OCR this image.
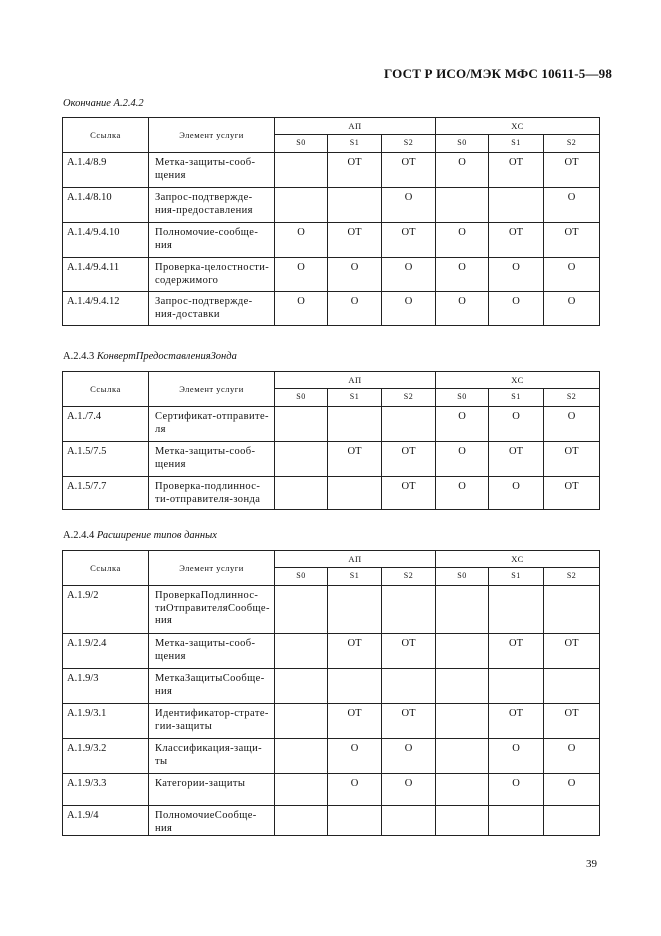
ГОСТ Р ИСО/МЭК МФС 10611-5—98
39
Окончание А.2.4.2
Ссылка	Элемент услуги	АП			ХС		
		S0	S1	S2	S0	S1	S2
А.1.4/8.9	Метка-защиты-сооб-
щения		ОТ	ОТ	О	ОТ	ОТ
А.1.4/8.10	Запрос-подтвержде-
ния-предоставления			О			О
А.1.4/9.4.10	Полномочие-сообще-
ния	О	ОТ	ОТ	О	ОТ	ОТ
А.1.4/9.4.11	Проверка-целостности-
содержимого	О	О	О	О	О	О
А.1.4/9.4.12	Запрос-подтвержде-
ния-доставки	О	О	О	О	О	О
А.2.4.3 КонвертПредоставленияЗонда
Ссылка	Элемент услуги	АП			ХС		
		S0	S1	S2	S0	S1	S2
А.1./7.4	Сертификат-отправите-
ля				О	О	О
А.1.5/7.5	Метка-защиты-сооб-
щения		ОТ	ОТ	О	ОТ	ОТ
А.1.5/7.7	Проверка-подлиннос-
ти-отправителя-зонда			ОТ	О	О	ОТ
А.2.4.4 Расширение типов данных
Ссылка	Элемент услуги	АП			ХС		
		S0	S1	S2	S0	S1	S2
А.1.9/2	ПроверкаПодлиннос-
тиОтправителяСообще-
ния						

А.1.9/2.4	Метка-защиты-сооб-
щения		ОТ	ОТ		ОТ	ОТ
А.1.9/3	МеткаЗащитыСообще-
ния						

А.1.9/3.1	Идентификатор-страте-
гии-защиты		ОТ	ОТ		ОТ	ОТ
А.1.9/3.2	Классификация-защи-
ты		О	О		О	О
А.1.9/3.3	Категории-защиты		О	О		О	О
А.1.9/4	ПолномочиеСообще-
ния						
